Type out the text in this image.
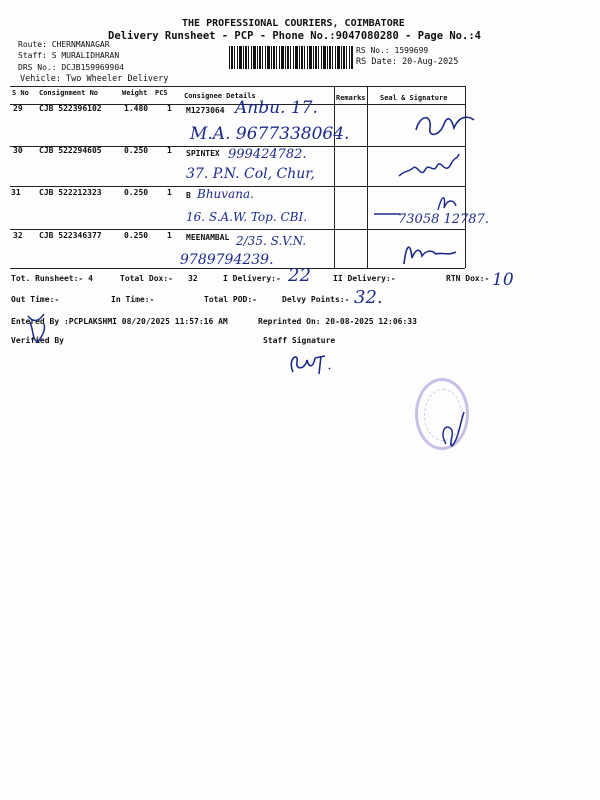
THE PROFESSIONAL COURIERS, COIMBATORE
Delivery Runsheet - PCP - Phone No.:9047080280 - Page No.:4
Route: CHERNMANAGAR
Staff: S MURALIDHARAN
DRS No.: DCJB159969904
Vehicle: Two Wheeler Delivery
RS No.: 1599699
RS Date: 20-Aug-2025
S No Consignment No	Weight PCS Consignee Details	Remarks Seal & Signature
29 CJB 522396102	1.480 1 M1273064 Anbu. 17.
M.A. 9677338064.
30 CJB 522294605	0.250 1 SPINTEX 999424782.
37. P.N. Col, Chur,
31 CJB 522212323	0.250 1 B Bhuvana.
16. S.A.W. Top. CBI.	73058 12787.
32 CJB 522346377	0.250 1 MEENAMBAL 2/35. S.V.N.
9789794239.
Tot. Runsheet:- 4	Total Dox:- 32	I Delivery:- 22	II Delivery:-	RTN Dox:- 10
Out Time:-	In Time:-	Total POD:-	Delvy Points:- 32.
Entered By :PCPLAKSHMI 08/20/2025 11:57:16 AM	Reprinted On: 20-08-2025 12:06:33
Verified By	Staff Signature
